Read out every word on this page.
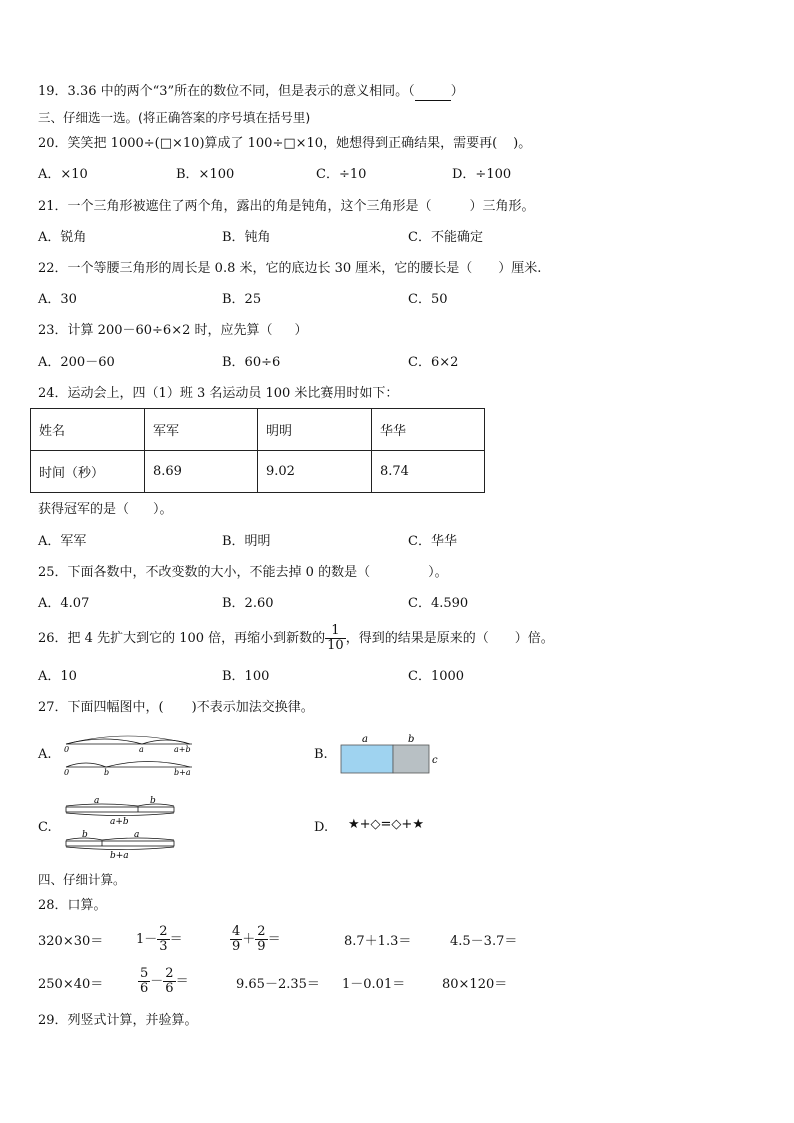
19．3.36 中的两个“3”所在的数位不同，但是表示的意义相同。（	）
三、仔细选一选。(将正确答案的序号填在括号里)
20．笑笑把 1000÷(□×10)算成了 100÷□×10，她想得到正确结果，需要再( )。
A．×10	B．×100	C．÷10	D．÷100
21．一个三角形被遮住了两个角，露出的角是钝角，这个三角形是（	）三角形。
A．锐角	B．钝角	C．不能确定
22．一个等腰三角形的周长是 0.8 米，它的底边长 30 厘米，它的腰长是（ ）厘米.
A．30	B．25	C．50
23．计算 200－60÷6×2 时，应先算（ ）
A．200－60	B．60÷6	C．6×2
24．运动会上，四（1）班 3 名运动员 100 米比赛用时如下：
姓名	军军	明明	华华
时间（秒）	8.69	9.02	8.74
获得冠军的是（ ）。
A．军军	B．明明	C．华华
25．下面各数中，不改变数的大小，不能去掉 0 的数是（	）。
A．4.07	B．2.60	C．4.590
26．把 4 先扩大到它的 100 倍，再缩小到新数的 $\frac{1}{10}$ ，得到的结果是原来的（ ）倍。
A．10	B．100	C．1000
27．下面四幅图中，( )不表示加法交换律。
A. 0	a	a+b
0	b	b+a
B.
a	b
c
C.
a	b
a+b
b	a
b+a
D. ★+◇=◇+★
四、仔细计算。
28．口算。
320×30＝	$1- \frac{2}{3}$ ＝	$\frac{4}{9} + \frac{2}{9}$ ＝	8.7＋1.3＝	4.5－3.7＝
250×40＝	$\frac{5}{6} - \frac{2}{6}$ ＝	9.65－2.35＝ 1－0.01＝	80×120＝
29．列竖式计算，并验算。
